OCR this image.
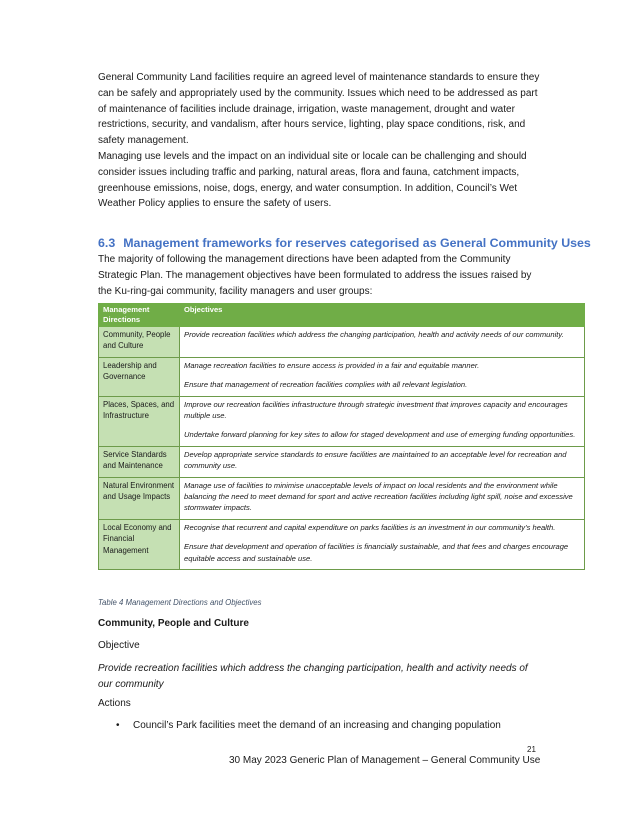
General Community Land facilities require an agreed level of maintenance standards to ensure they can be safely and appropriately used by the community. Issues which need to be addressed as part of maintenance of facilities include drainage, irrigation, waste management, drought and water restrictions, security, and vandalism, after hours service, lighting, play space conditions, risk, and safety management.

Managing use levels and the impact on an individual site or locale can be challenging and should consider issues including traffic and parking, natural areas, flora and fauna, catchment impacts, greenhouse emissions, noise, dogs, energy, and water consumption. In addition, Council’s Wet Weather Policy applies to ensure the safety of users.

6.3 Management frameworks for reserves categorised as General Community Uses

The majority of following the management directions have been adapted from the Community Strategic Plan. The management objectives have been formulated to address the issues raised by the Ku-ring-gai community, facility managers and user groups:

Management Directions	Objectives
Community, People and Culture	Provide recreation facilities which address the changing participation, health and activity needs of our community.

Leadership and Governance	Manage recreation facilities to ensure access is provided in a fair and equitable manner.

Ensure that management of recreation facilities complies with all relevant legislation.

Places, Spaces, and Infrastructure	Improve our recreation facilities infrastructure through strategic investment that improves capacity and encourages multiple use.

Undertake forward planning for key sites to allow for staged development and use of emerging funding opportunities.

Service Standards and Maintenance	Develop appropriate service standards to ensure facilities are maintained to an acceptable level for recreation and community use.

Natural Environment and Usage Impacts	Manage use of facilities to minimise unacceptable levels of impact on local residents and the environment while balancing the need to meet demand for sport and active recreation facilities including light spill, noise and excessive stormwater impacts.

Local Economy and Financial Management	Recognise that recurrent and capital expenditure on parks facilities is an investment in our community’s health.

Ensure that development and operation of facilities is financially sustainable, and that fees and charges encourage equitable access and sustainable use.

Table 4 Management Directions and Objectives

Community, People and Culture

Objective

Provide recreation facilities which address the changing participation, health and activity needs of our community

Actions

•	Council’s Park facilities meet the demand of an increasing and changing population

21

30 May 2023 Generic Plan of Management – General Community Use
